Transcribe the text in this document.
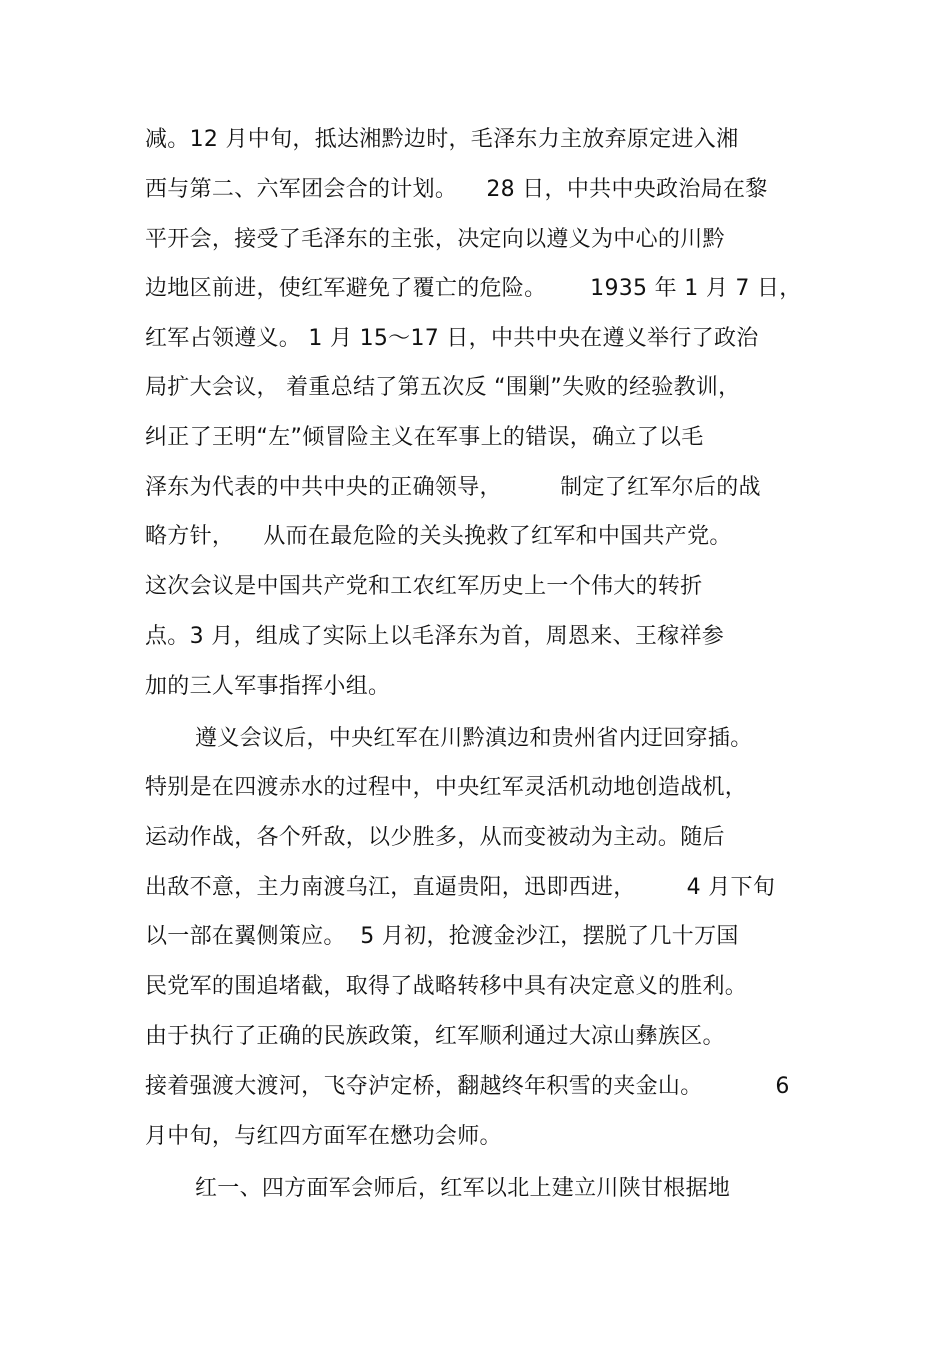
减。12 月中旬，抵达湘黔边时，毛泽东力主放弃原定进入湘
西与第二、六军团会合的计划。    28 日，中共中央政治局在黎
平开会，接受了毛泽东的主张，决定向以遵义为中心的川黔
边地区前进，使红军避免了覆亡的危险。      1935 年 1 月 7 日，
红军占领遵义。 1 月 15～17 日，中共中央在遵义举行了政治
局扩大会议， 着重总结了第五次反 “围剿”失败的经验教训，
纠正了王明“左”倾冒险主义在军事上的错误，确立了以毛
泽东为代表的中共中央的正确领导，        制定了红军尔后的战
略方针，    从而在最危险的关头挽救了红军和中国共产党。
这次会议是中国共产党和工农红军历史上一个伟大的转折
点。3 月，组成了实际上以毛泽东为首，周恩来、王稼祥参
加的三人军事指挥小组。
遵义会议后，中央红军在川黔滇边和贵州省内迂回穿插。
特别是在四渡赤水的过程中，中央红军灵活机动地创造战机，
运动作战，各个歼敌，以少胜多，从而变被动为主动。随后
出敌不意，主力南渡乌江，直逼贵阳，迅即西进，       4 月下旬
以一部在翼侧策应。  5 月初，抢渡金沙江，摆脱了几十万国
民党军的围追堵截，取得了战略转移中具有决定意义的胜利。
由于执行了正确的民族政策，红军顺利通过大凉山彝族区。
接着强渡大渡河，飞夺泸定桥，翻越终年积雪的夹金山。          6
月中旬，与红四方面军在懋功会师。
红一、四方面军会师后，红军以北上建立川陕甘根据地
